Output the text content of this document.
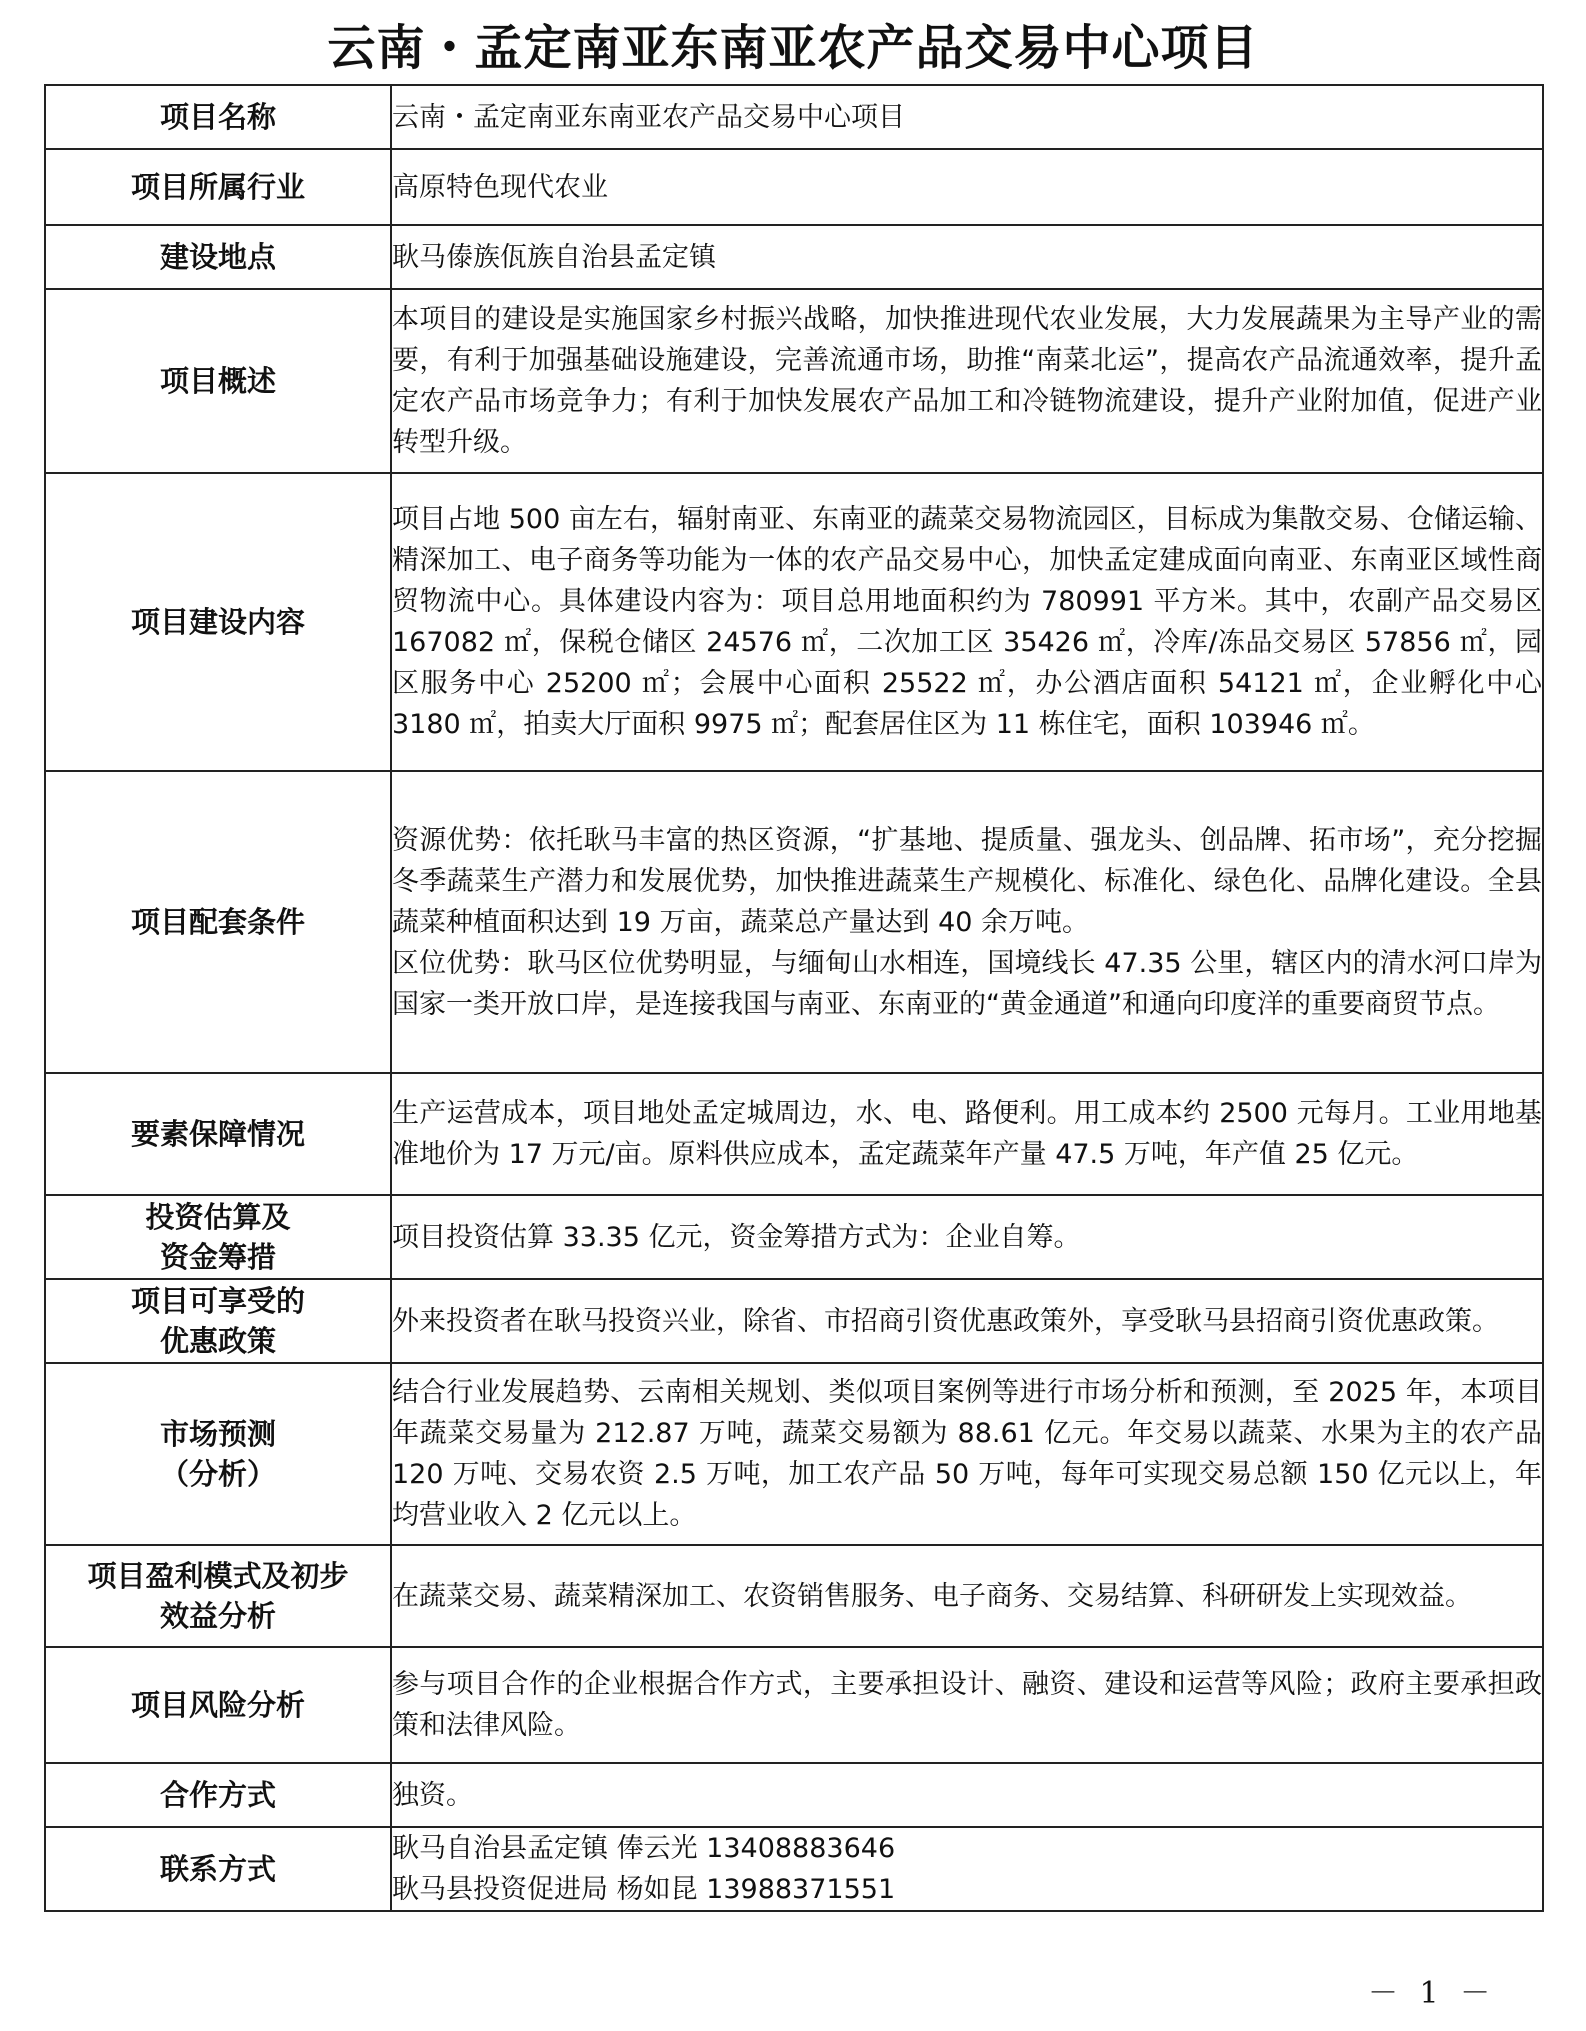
云南・孟定南亚东南亚农产品交易中心项目
项目名称	云南・孟定南亚东南亚农产品交易中心项目

项目所属行业	高原特色现代农业

建设地点	耿马傣族佤族自治县孟定镇

项目概述	本项目的建设是实施国家乡村振兴战略，加快推进现代农业发展，大力发展蔬果为主导产业的需要，有利于加强基础设施建设，完善流通市场，助推“南菜北运”，提高农产品流通效率，提升孟定农产品市场竞争力；有利于加快发展农产品加工和冷链物流建设，提升产业附加值，促进产业转型升级。

项目建设内容	项目占地 500 亩左右，辐射南亚、东南亚的蔬菜交易物流园区，目标成为集散交易、仓储运输、精深加工、电子商务等功能为一体的农产品交易中心，加快孟定建成面向南亚、东南亚区域性商贸物流中心。具体建设内容为：项目总用地面积约为 780991 平方米。其中，农副产品交易区 167082 ㎡，保税仓储区 24576 ㎡，二次加工区 35426 ㎡，冷库/冻品交易区 57856 ㎡，园区服务中心 25200 ㎡；会展中心面积 25522 ㎡，办公酒店面积 54121 ㎡，企业孵化中心 3180 ㎡，拍卖大厅面积 9975 ㎡；配套居住区为 11 栋住宅，面积 103946 ㎡。

项目配套条件	资源优势：依托耿马丰富的热区资源，“扩基地、提质量、强龙头、创品牌、拓市场”，充分挖掘冬季蔬菜生产潜力和发展优势，加快推进蔬菜生产规模化、标准化、绿色化、品牌化建设。全县蔬菜种植面积达到 19 万亩，蔬菜总产量达到 40 余万吨。

区位优势：耿马区位优势明显，与缅甸山水相连，国境线长 47.35 公里，辖区内的清水河口岸为国家一类开放口岸，是连接我国与南亚、东南亚的“黄金通道”和通向印度洋的重要商贸节点。

要素保障情况	生产运营成本，项目地处孟定城周边，水、电、路便利。用工成本约 2500 元每月。工业用地基准地价为 17 万元/亩。原料供应成本，孟定蔬菜年产量 47.5 万吨，年产值 25 亿元。

投资估算及
资金筹措	项目投资估算 33.35 亿元，资金筹措方式为：企业自筹。

项目可享受的
优惠政策	外来投资者在耿马投资兴业，除省、市招商引资优惠政策外，享受耿马县招商引资优惠政策。

市场预测
（分析）	结合行业发展趋势、云南相关规划、类似项目案例等进行市场分析和预测，至 2025 年，本项目年蔬菜交易量为 212.87 万吨，蔬菜交易额为 88.61 亿元。年交易以蔬菜、水果为主的农产品 120 万吨、交易农资 2.5 万吨，加工农产品 50 万吨，每年可实现交易总额 150 亿元以上，年均营业收入 2 亿元以上。

项目盈利模式及初步
效益分析	在蔬菜交易、蔬菜精深加工、农资销售服务、电子商务、交易结算、科研研发上实现效益。

项目风险分析	参与项目合作的企业根据合作方式，主要承担设计、融资、建设和运营等风险；政府主要承担政策和法律风险。

合作方式	独资。

联系方式	耿马自治县孟定镇 俸云光 13408883646

耿马县投资促进局 杨如昆 13988371551

－ 1 －
